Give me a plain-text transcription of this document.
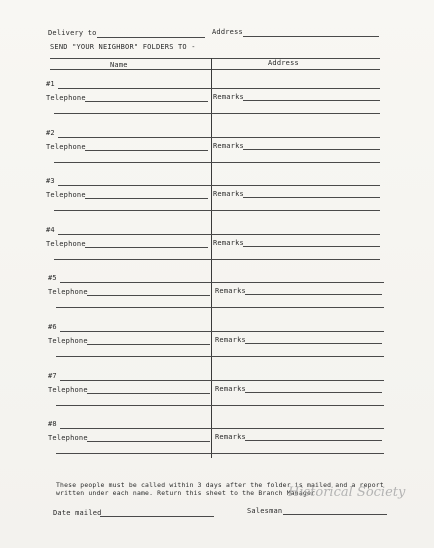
Delivery to	Address
SEND "YOUR NEIGHBOR" FOLDERS TO -
Name	Address
#1
Telephone	Remarks
#2
Telephone	Remarks
#3
Telephone	Remarks
#4
Telephone	Remarks
#5
Telephone	Remarks
#6
Telephone	Remarks
#7
Telephone	Remarks
#8
Telephone	Remarks
These people must be called within 3 days after the folder is mailed and a report
written under each name. Return this sheet to the Branch Manager.
Date mailed	Salesman
Historical Society
